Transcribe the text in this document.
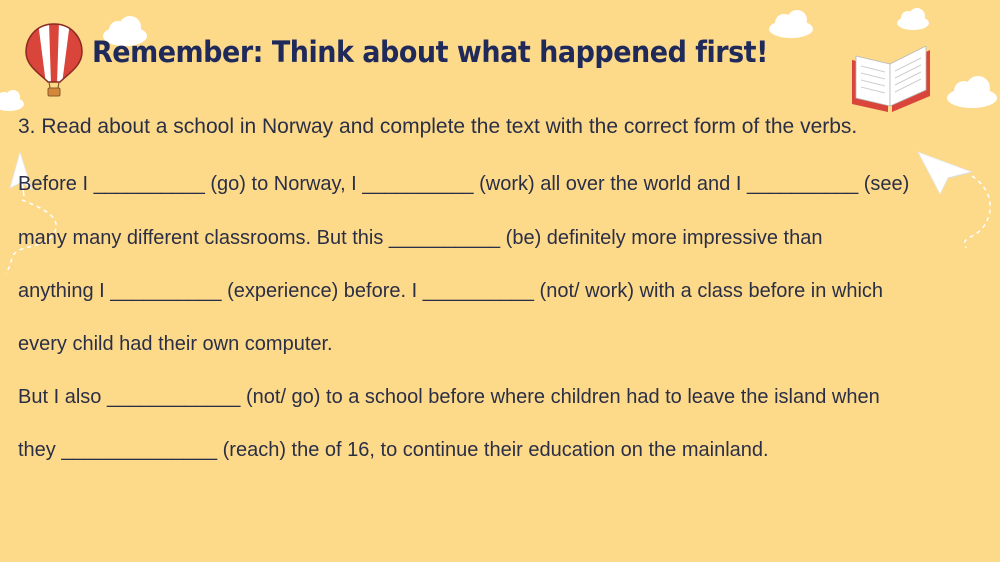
Remember: Think about what happened first!
3. Read about a school in Norway and complete the text with the correct form of the verbs.
Before I __________ (go) to Norway, I __________ (work) all over the world and I __________ (see)
many many different classrooms. But this __________ (be) definitely more impressive than
anything I __________ (experience) before. I __________ (not/ work) with a class before in which
every child had their own computer.
But I also ____________ (not/ go) to a school before where children had to leave the island when
they ______________ (reach) the of 16, to continue their education on the mainland.
